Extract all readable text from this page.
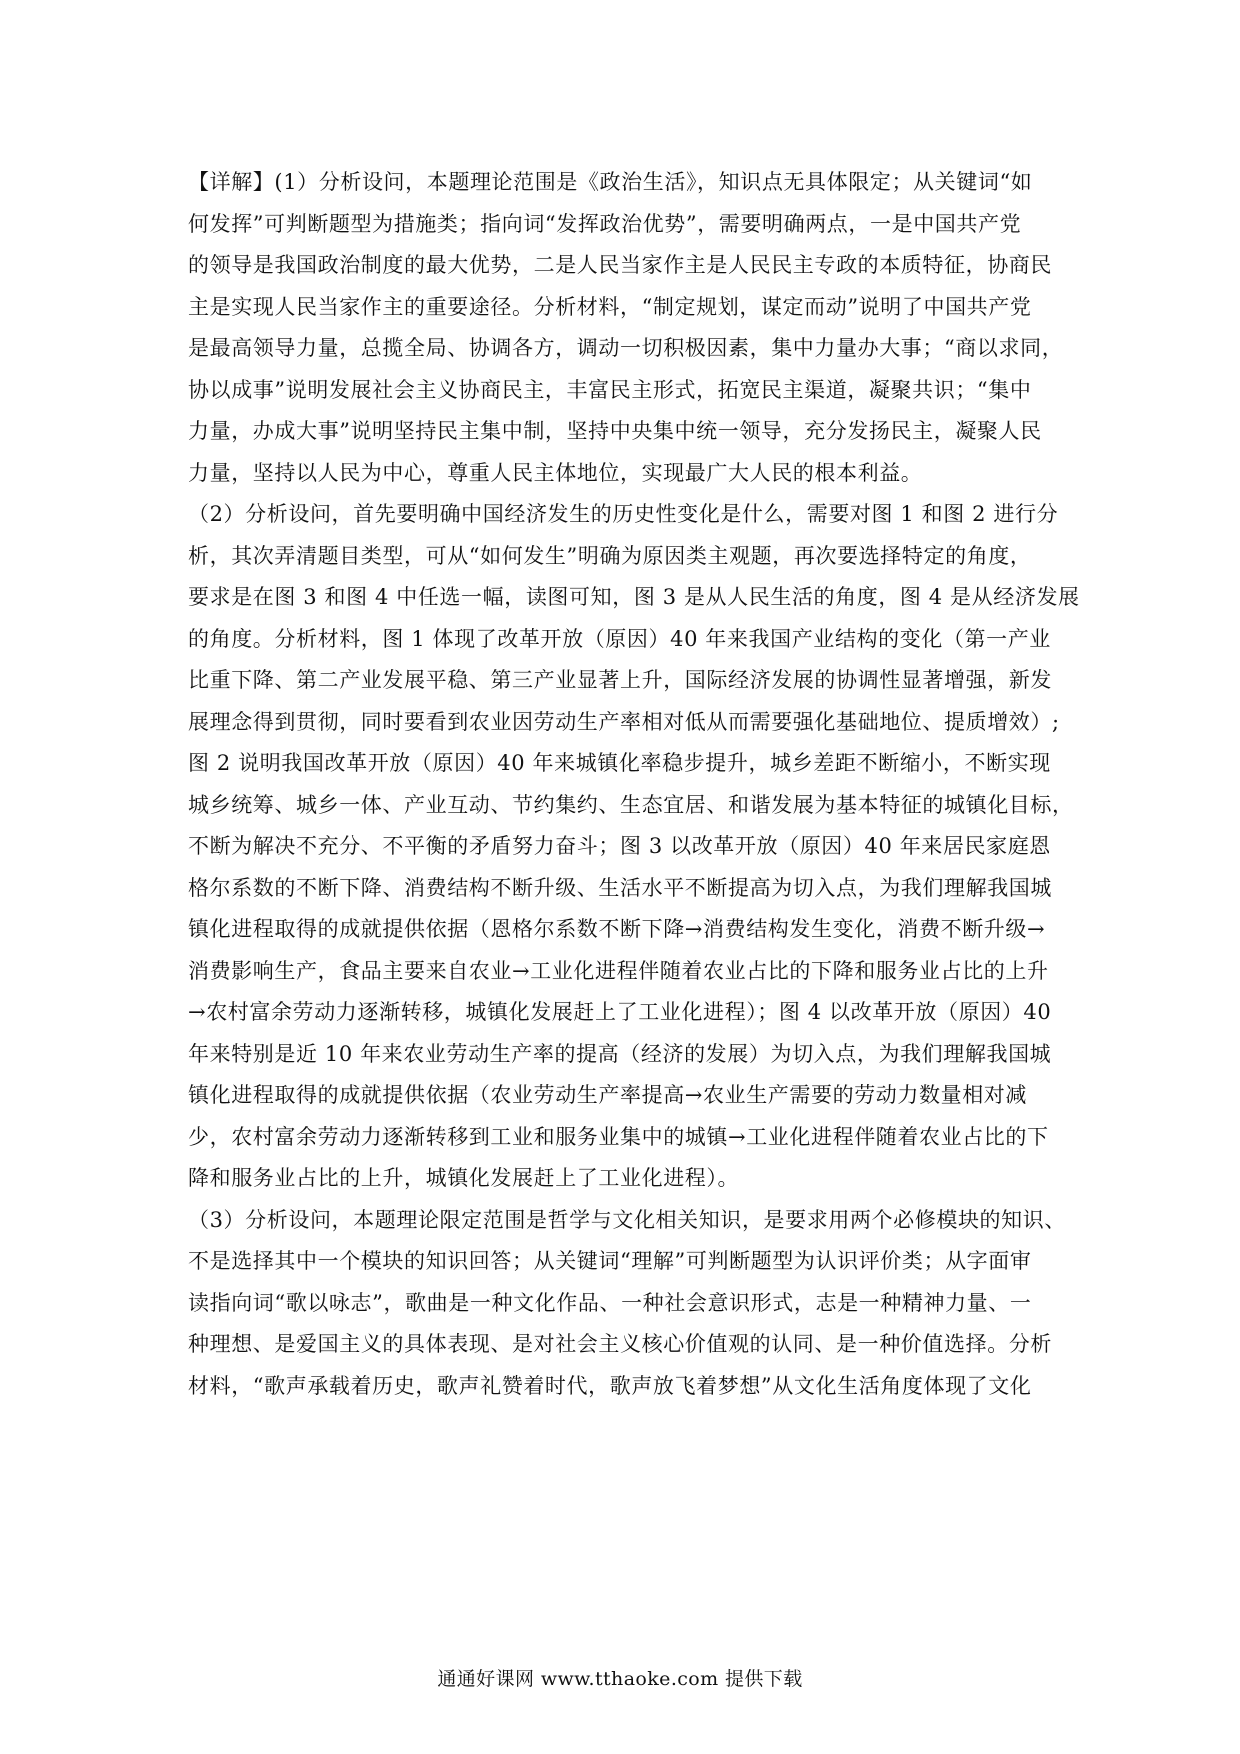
【详解】(1）分析设问，本题理论范围是《政治生活》，知识点无具体限定；从关键词“如
何发挥”可判断题型为措施类；指向词“发挥政治优势”，需要明确两点，一是中国共产党
的领导是我国政治制度的最大优势，二是人民当家作主是人民民主专政的本质特征，协商民
主是实现人民当家作主的重要途径。分析材料，“制定规划，谋定而动”说明了中国共产党
是最高领导力量，总揽全局、协调各方，调动一切积极因素，集中力量办大事；“商以求同，
协以成事”说明发展社会主义协商民主，丰富民主形式，拓宽民主渠道，凝聚共识；“集中
力量，办成大事”说明坚持民主集中制，坚持中央集中统一领导，充分发扬民主，凝聚人民
力量，坚持以人民为中心，尊重人民主体地位，实现最广大人民的根本利益。
（2）分析设问，首先要明确中国经济发生的历史性变化是什么，需要对图 1 和图 2 进行分
析，其次弄清题目类型，可从“如何发生”明确为原因类主观题，再次要选择特定的角度，
要求是在图 3 和图 4 中任选一幅，读图可知，图 3 是从人民生活的角度，图 4 是从经济发展
的角度。分析材料，图 1 体现了改革开放（原因）40 年来我国产业结构的变化（第一产业
比重下降、第二产业发展平稳、第三产业显著上升，国际经济发展的协调性显著增强，新发
展理念得到贯彻，同时要看到农业因劳动生产率相对低从而需要强化基础地位、提质增效）;
图 2 说明我国改革开放（原因）40 年来城镇化率稳步提升，城乡差距不断缩小，不断实现
城乡统筹、城乡一体、产业互动、节约集约、生态宜居、和谐发展为基本特征的城镇化目标，
不断为解决不充分、不平衡的矛盾努力奋斗；图 3 以改革开放（原因）40 年来居民家庭恩
格尔系数的不断下降、消费结构不断升级、生活水平不断提高为切入点，为我们理解我国城
镇化进程取得的成就提供依据（恩格尔系数不断下降→消费结构发生变化，消费不断升级→
消费影响生产，食品主要来自农业→工业化进程伴随着农业占比的下降和服务业占比的上升
→农村富余劳动力逐渐转移，城镇化发展赶上了工业化进程）；图 4 以改革开放（原因）40
年来特别是近 10 年来农业劳动生产率的提高（经济的发展）为切入点，为我们理解我国城
镇化进程取得的成就提供依据（农业劳动生产率提高→农业生产需要的劳动力数量相对减
少，农村富余劳动力逐渐转移到工业和服务业集中的城镇→工业化进程伴随着农业占比的下
降和服务业占比的上升，城镇化发展赶上了工业化进程）。
（3）分析设问，本题理论限定范围是哲学与文化相关知识，是要求用两个必修模块的知识、
不是选择其中一个模块的知识回答；从关键词“理解”可判断题型为认识评价类；从字面审
读指向词“歌以咏志”，歌曲是一种文化作品、一种社会意识形式，志是一种精神力量、一
种理想、是爱国主义的具体表现、是对社会主义核心价值观的认同、是一种价值选择。分析
材料，“歌声承载着历史，歌声礼赞着时代，歌声放飞着梦想”从文化生活角度体现了文化
通通好课网 www.tthaoke.com 提供下载
